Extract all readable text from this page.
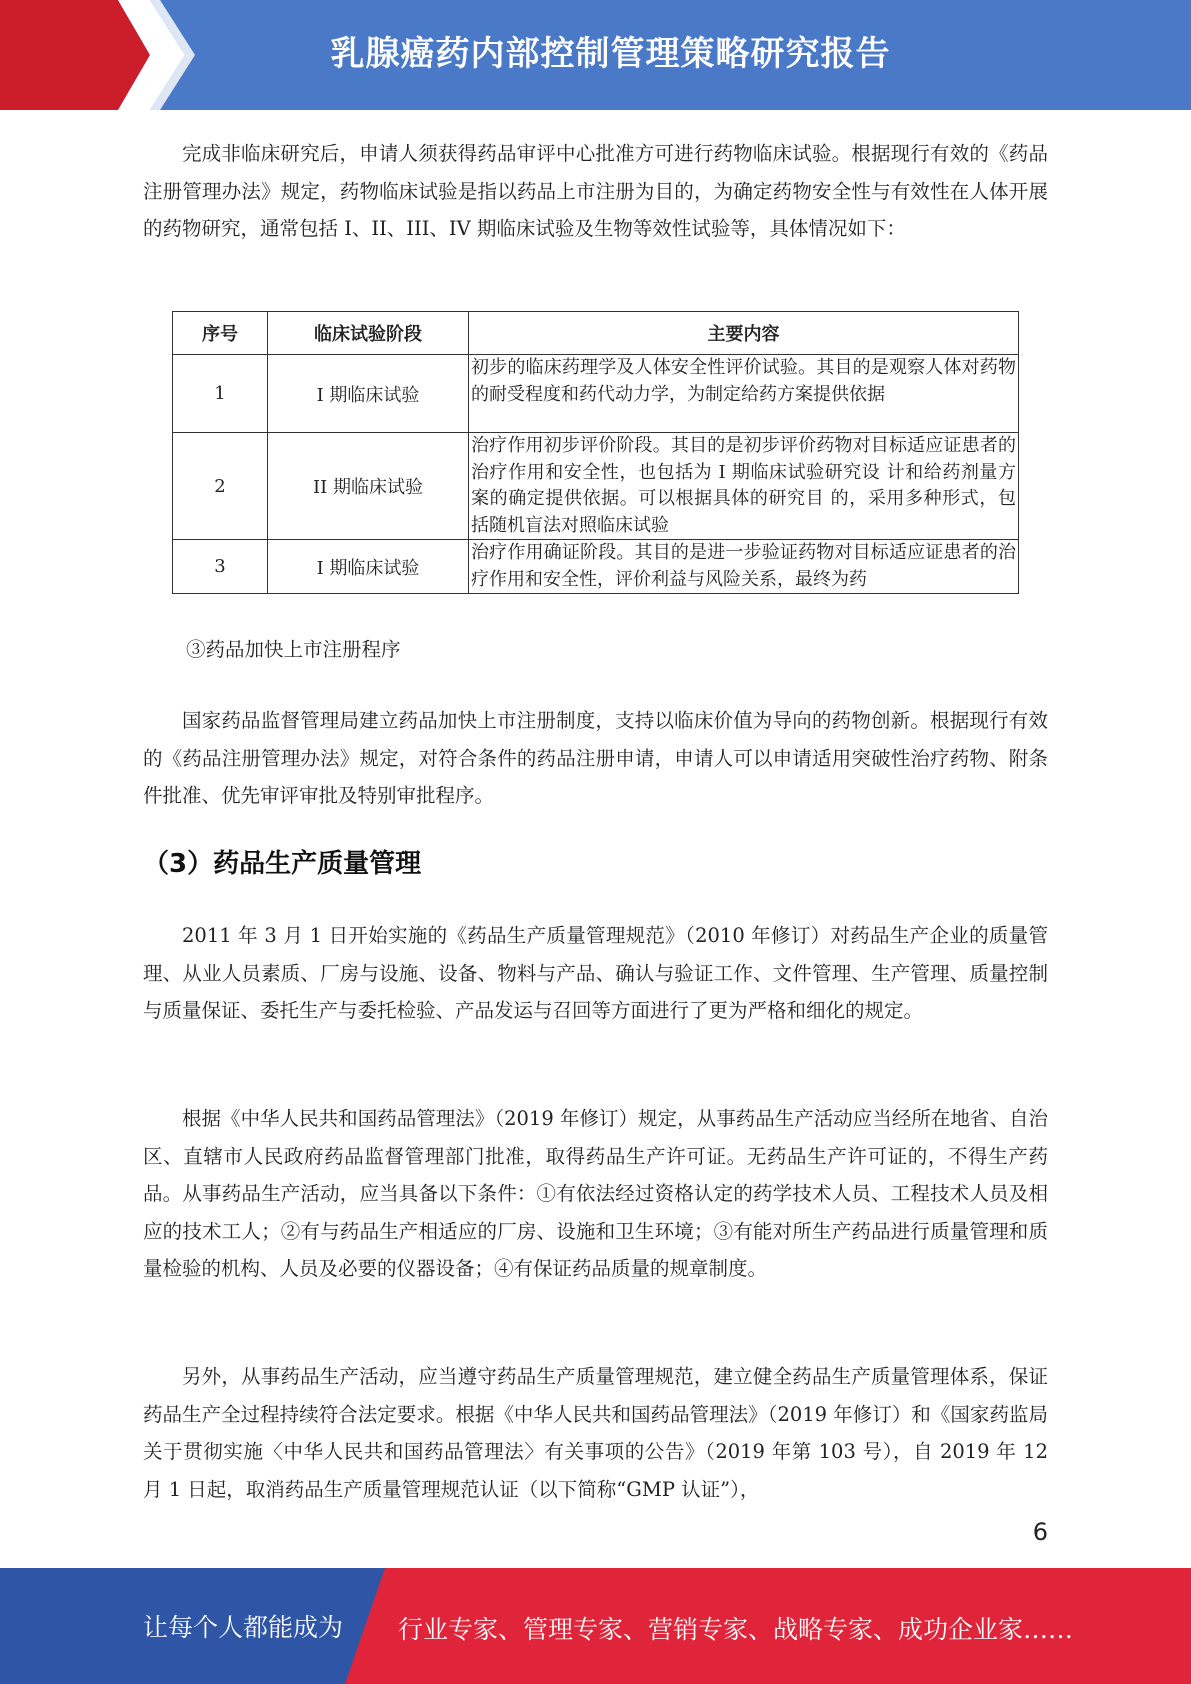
乳腺癌药内部控制管理策略研究报告

完成非临床研究后，申请人须获得药品审评中心批准方可进行药物临床试验。根据现行有效的《药品注册管理办法》规定，药物临床试验是指以药品上市注册为目的，为确定药物安全性与有效性在人体开展的药物研究，通常包括 I、II、III、IV 期临床试验及生物等效性试验等，具体情况如下：

序号	临床试验阶段	主要内容
1	I 期临床试验	初步的临床药理学及人体安全性评价试验。其目的是观察人体对药物的耐受程度和药代动力学，为制定给药方案提供依据
2	II 期临床试验	治疗作用初步评价阶段。其目的是初步评价药物对目标适应证患者的治疗作用和安全性，也包括为 I 期临床试验研究设 计和给药剂量方案的确定提供依据。可以根据具体的研究目 的，采用多种形式，包括随机盲法对照临床试验
3	I 期临床试验	治疗作用确证阶段。其目的是进一步验证药物对目标适应证患者的治疗作用和安全性，评价利益与风险关系，最终为药
③药品加快上市注册程序

国家药品监督管理局建立药品加快上市注册制度，支持以临床价值为导向的药物创新。根据现行有效的《药品注册管理办法》规定，对符合条件的药品注册申请，申请人可以申请适用突破性治疗药物、附条件批准、优先审评审批及特别审批程序。

（3）药品生产质量管理

2011 年 3 月 1 日开始实施的《药品生产质量管理规范》（2010 年修订）对药品生产企业的质量管理、从业人员素质、厂房与设施、设备、物料与产品、确认与验证工作、文件管理、生产管理、质量控制与质量保证、委托生产与委托检验、产品发运与召回等方面进行了更为严格和细化的规定。

根据《中华人民共和国药品管理法》（2019 年修订）规定，从事药品生产活动应当经所在地省、自治区、直辖市人民政府药品监督管理部门批准，取得药品生产许可证。无药品生产许可证的，不得生产药品。从事药品生产活动，应当具备以下条件：①有依法经过资格认定的药学技术人员、工程技术人员及相应的技术工人；②有与药品生产相适应的厂房、设施和卫生环境；③有能对所生产药品进行质量管理和质量检验的机构、人员及必要的仪器设备；④有保证药品质量的规章制度。

另外，从事药品生产活动，应当遵守药品生产质量管理规范，建立健全药品生产质量管理体系，保证药品生产全过程持续符合法定要求。根据《中华人民共和国药品管理法》（2019 年修订）和《国家药监局关于贯彻实施〈中华人民共和国药品管理法〉有关事项的公告》（2019 年第 103 号），自 2019 年 12 月 1 日起，取消药品生产质量管理规范认证（以下简称“GMP 认证”），

6
让每个人都能成为 行业专家、管理专家、营销专家、战略专家、成功企业家……
